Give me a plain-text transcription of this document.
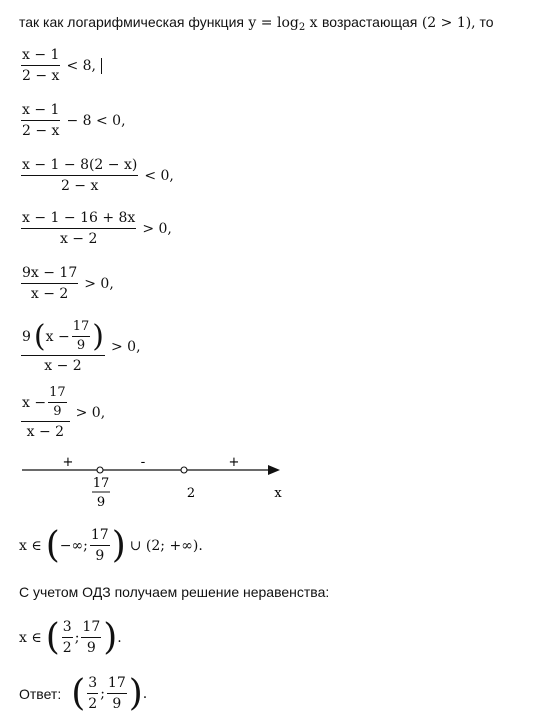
так как логарифмическая функция $y = \log_2 x$ возрастающая (2 > 1), то
$\frac{x - 1}{2 - x} < 8$,
$\frac{x - 1}{2 - x} - 8 < 0$,
$\frac{x - 1 - 8(2 - x)}{2 - x} < 0$,
$\frac{x - 1 - 16 + 8x}{x - 2} > 0$,
$\frac{9x - 17}{x - 2} > 0$,
9 ( $x - \frac{17}{9}$ )
x − 2
> 0,
$\frac{x - \frac{17}{9}}{x - 2} > 0$,
+	-	+
17
9
2	x
x ∈ ( −∞; $\frac{17}{9}$ ) ∪ (2; +∞).
С учетом ОДЗ получаем решение неравенства:
x ∈ ( $\frac{3}{2}$ ; $\frac{17}{9}$ ) .
Ответ: ( $\frac{3}{2}$ ; $\frac{17}{9}$ ) .
